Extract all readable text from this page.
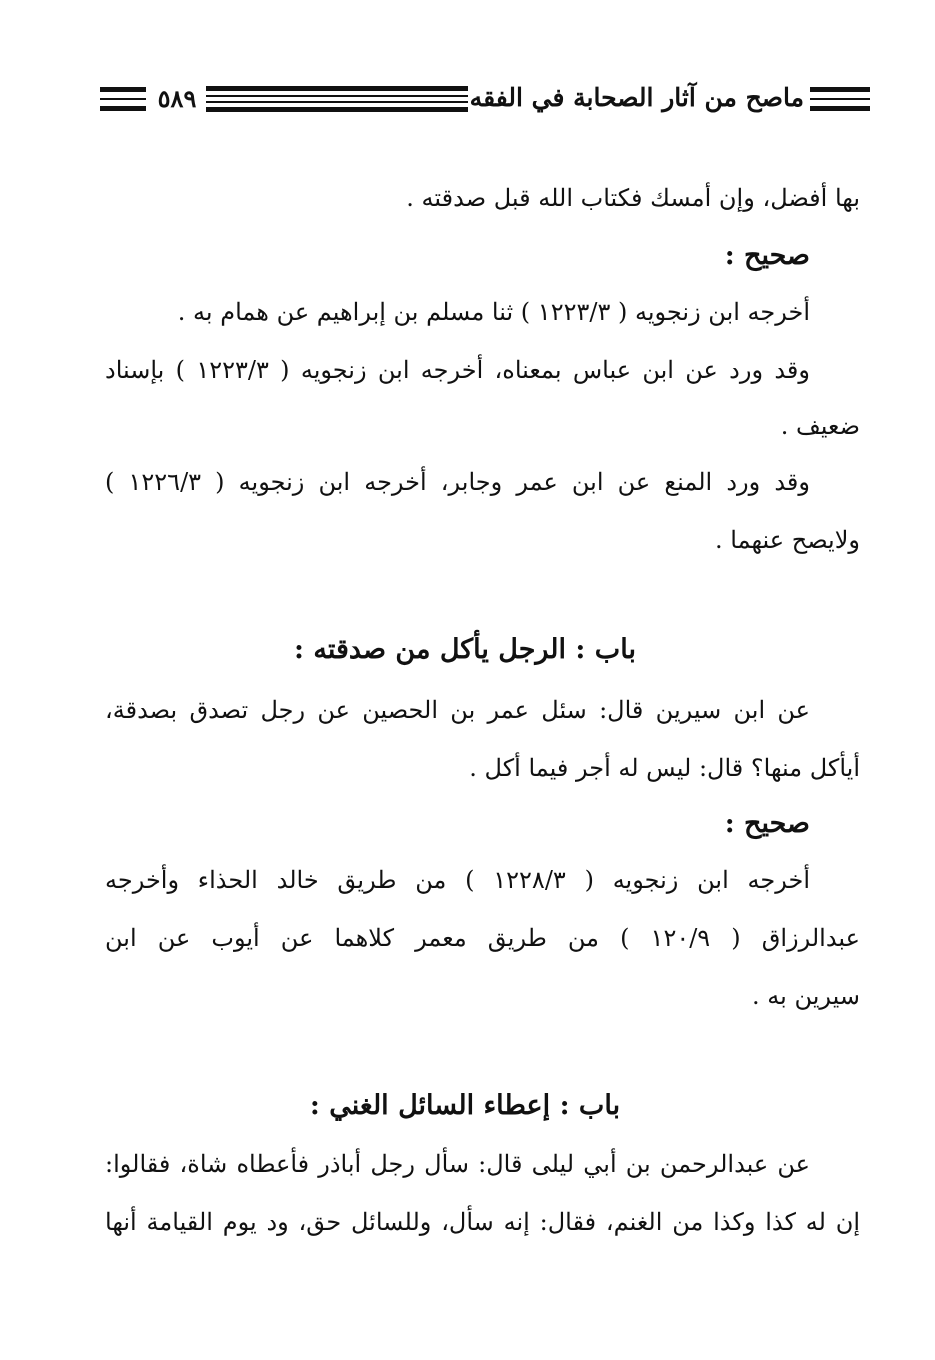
٥٨٩	ماصح من آثار الصحابة في الفقه
بها أفضل، وإن أمسك فكتاب الله قبل صدقته .
صحيح :
أخرجه ابن زنجويه ( ١٢٢٣/٣ ) ثنا مسلم بن إبراهيم عن همام به .
وقد ورد عن ابن عباس بمعناه، أخرجه ابن زنجويه ( ١٢٢٣/٣ ) بإسناد
ضعيف .
وقد ورد المنع عن ابن عمر وجابر، أخرجه ابن زنجويه ( ١٢٢٦/٣ )
ولايصح عنهما .
باب : الرجل يأكل من صدقته :
عن ابن سيرين قال: سئل عمر بن الحصين عن رجل تصدق بصدقة،
أيأكل منها؟ قال: ليس له أجر فيما أكل .
صحيح :
أخرجه ابن زنجويه ( ١٢٢٨/٣ ) من طريق خالد الحذاء وأخرجه
عبدالرزاق ( ١٢٠/٩ ) من طريق معمر كلاهما عن أيوب عن ابن
سيرين به .
باب : إعطاء السائل الغني :
عن عبدالرحمن بن أبي ليلى قال: سأل رجل أباذر فأعطاه شاة، فقالوا:
إن له كذا وكذا من الغنم، فقال: إنه سأل، وللسائل حق، ود يوم القيامة أنها
